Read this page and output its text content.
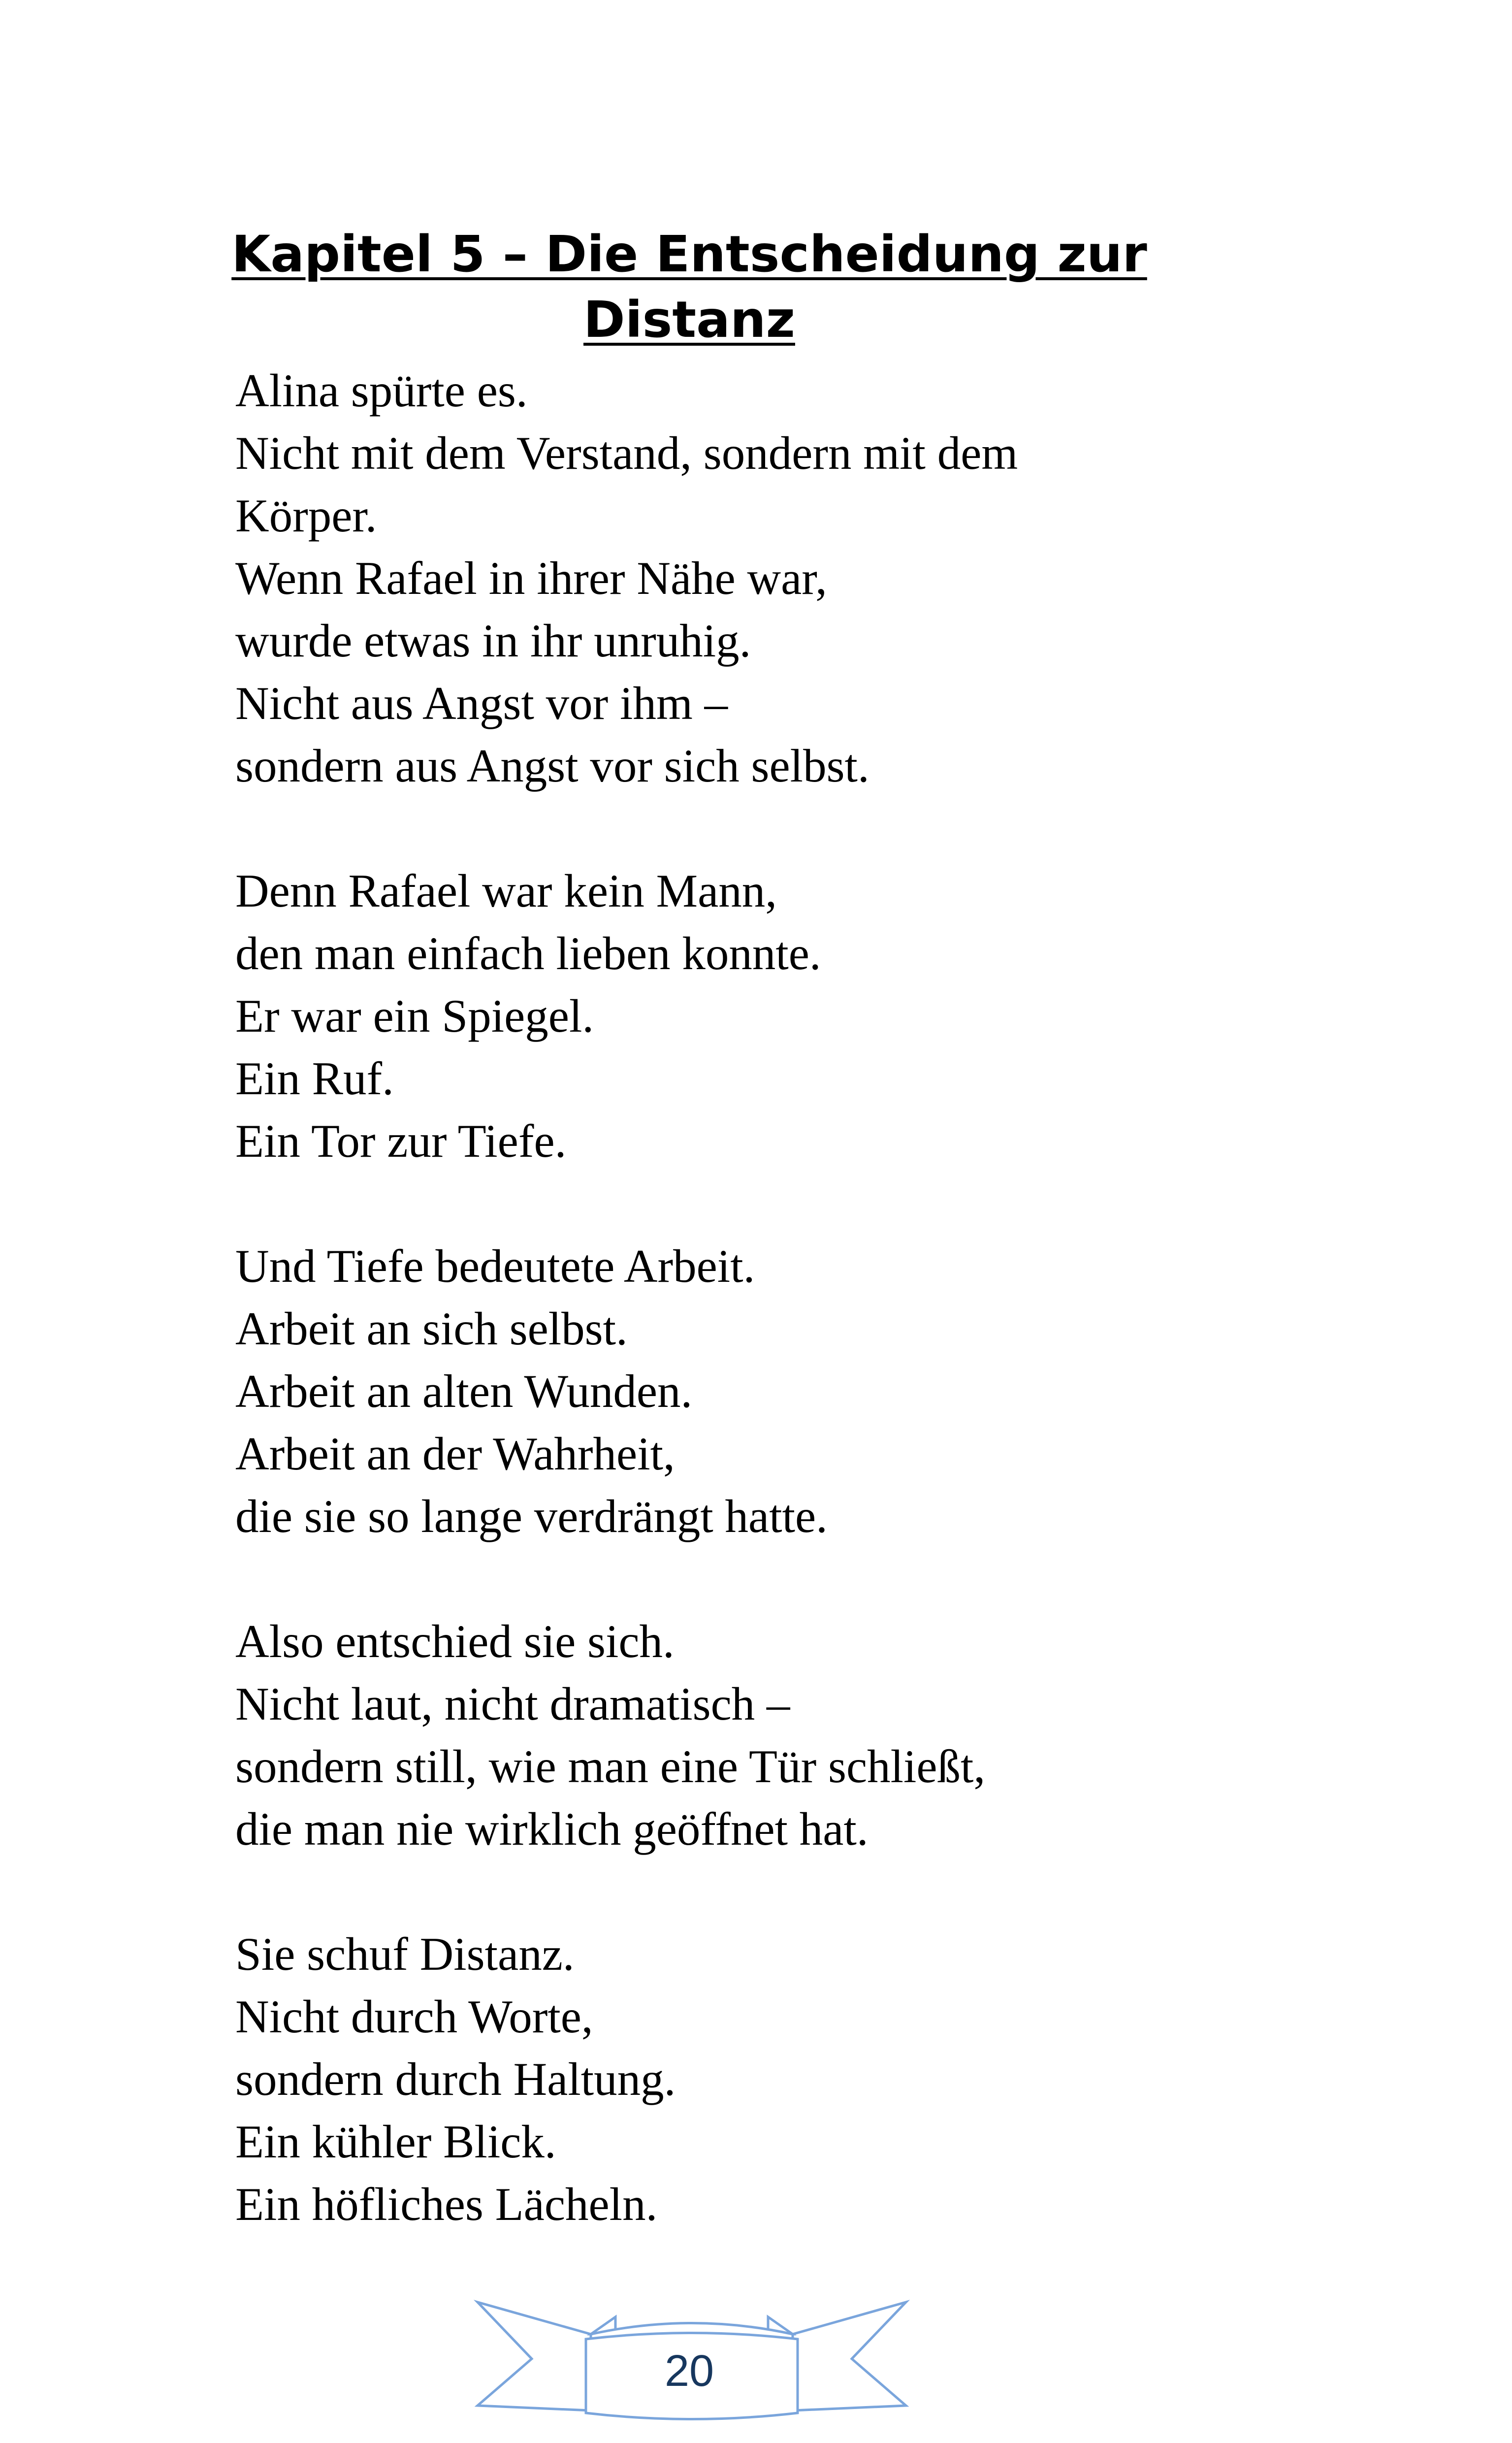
Kapitel 5 – Die Entscheidung zur
Distanz
Alina spürte es.
Nicht mit dem Verstand, sondern mit dem
Körper.
Wenn Rafael in ihrer Nähe war,
wurde etwas in ihr unruhig.
Nicht aus Angst vor ihm –
sondern aus Angst vor sich selbst.
Denn Rafael war kein Mann,
den man einfach lieben konnte.
Er war ein Spiegel.
Ein Ruf.
Ein Tor zur Tiefe.
Und Tiefe bedeutete Arbeit.
Arbeit an sich selbst.
Arbeit an alten Wunden.
Arbeit an der Wahrheit,
die sie so lange verdrängt hatte.
Also entschied sie sich.
Nicht laut, nicht dramatisch –
sondern still, wie man eine Tür schließt,
die man nie wirklich geöffnet hat.
Sie schuf Distanz.
Nicht durch Worte,
sondern durch Haltung.
Ein kühler Blick.
Ein höfliches Lächeln.
20
